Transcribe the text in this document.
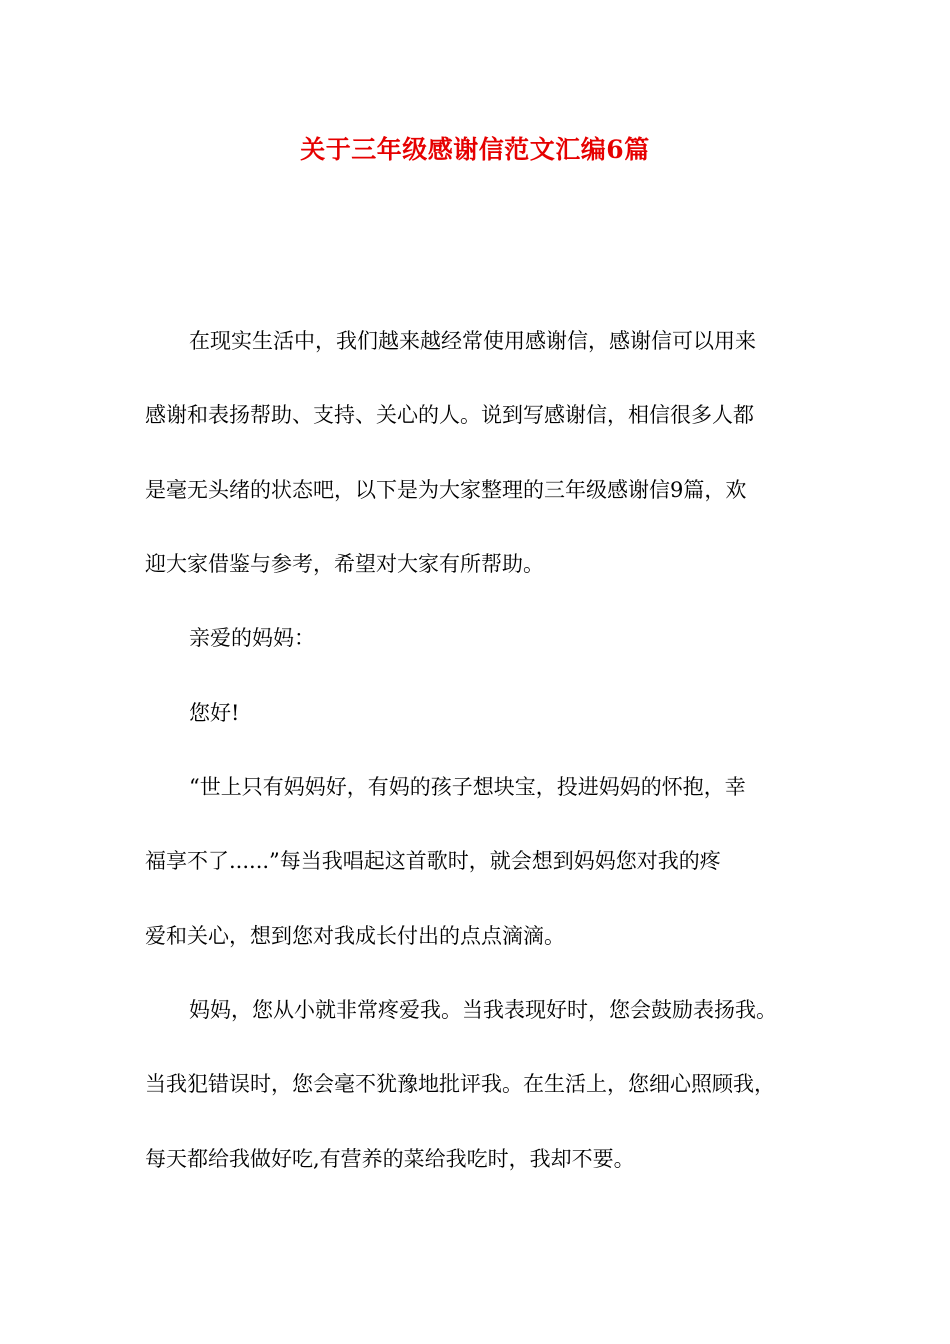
关于三年级感谢信范文汇编6篇
在现实生活中，我们越来越经常使用感谢信，感谢信可以用来
感谢和表扬帮助、支持、关心的人。说到写感谢信，相信很多人都
是毫无头绪的状态吧，以下是为大家整理的三年级感谢信9篇，欢
迎大家借鉴与参考，希望对大家有所帮助。
亲爱的妈妈：
您好!
“世上只有妈妈好，有妈的孩子想块宝，投进妈妈的怀抱，幸
福享不了......”每当我唱起这首歌时，就会想到妈妈您对我的疼
爱和关心，想到您对我成长付出的点点滴滴。
妈妈，您从小就非常疼爱我。当我表现好时，您会鼓励表扬我。
当我犯错误时，您会毫不犹豫地批评我。在生活上，您细心照顾我，
每天都给我做好吃,有营养的菜给我吃时，我却不要。
